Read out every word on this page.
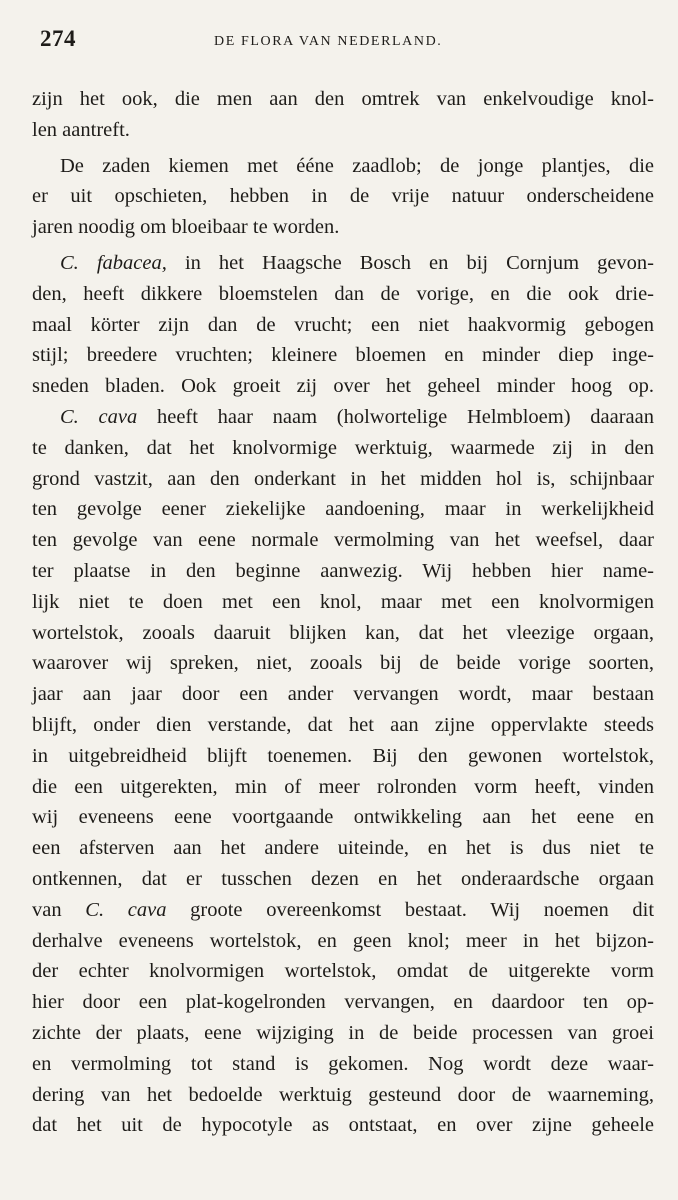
274	DE FLORA VAN NEDERLAND.
zijn het ook, die men aan den omtrek van enkelvoudige knol-
len aantreft.
De zaden kiemen met ééne zaadlob; de jonge plantjes, die
er uit opschieten, hebben in de vrije natuur onderscheidene
jaren noodig om bloeibaar te worden.
C. fabacea, in het Haagsche Bosch en bij Cornjum gevon-
den, heeft dikkere bloemstelen dan de vorige, en die ook drie-
maal körter zijn dan de vrucht; een niet haakvormig gebogen
stijl; breedere vruchten; kleinere bloemen en minder diep inge-
sneden bladen. Ook groeit zij over het geheel minder hoog op.
C. cava heeft haar naam (holwortelige Helmbloem) daaraan
te danken, dat het knolvormige werktuig, waarmede zij in den
grond vastzit, aan den onderkant in het midden hol is, schijnbaar
ten gevolge eener ziekelijke aandoening, maar in werkelijkheid
ten gevolge van eene normale vermolming van het weefsel, daar
ter plaatse in den beginne aanwezig. Wij hebben hier name-
lijk niet te doen met een knol, maar met een knolvormigen
wortelstok, zooals daaruit blijken kan, dat het vleezige orgaan,
waarover wij spreken, niet, zooals bij de beide vorige soorten,
jaar aan jaar door een ander vervangen wordt, maar bestaan
blijft, onder dien verstande, dat het aan zijne oppervlakte steeds
in uitgebreidheid blijft toenemen. Bij den gewonen wortelstok,
die een uitgerekten, min of meer rolronden vorm heeft, vinden
wij eveneens eene voortgaande ontwikkeling aan het eene en
een afsterven aan het andere uiteinde, en het is dus niet te
ontkennen, dat er tusschen dezen en het onderaardsche orgaan
van C. cava groote overeenkomst bestaat. Wij noemen dit
derhalve eveneens wortelstok, en geen knol; meer in het bijzon-
der echter knolvormigen wortelstok, omdat de uitgerekte vorm
hier door een plat-kogelronden vervangen, en daardoor ten op-
zichte der plaats, eene wijziging in de beide processen van groei
en vermolming tot stand is gekomen. Nog wordt deze waar-
dering van het bedoelde werktuig gesteund door de waarneming,
dat het uit de hypocotyle as ontstaat, en over zijne geheele
